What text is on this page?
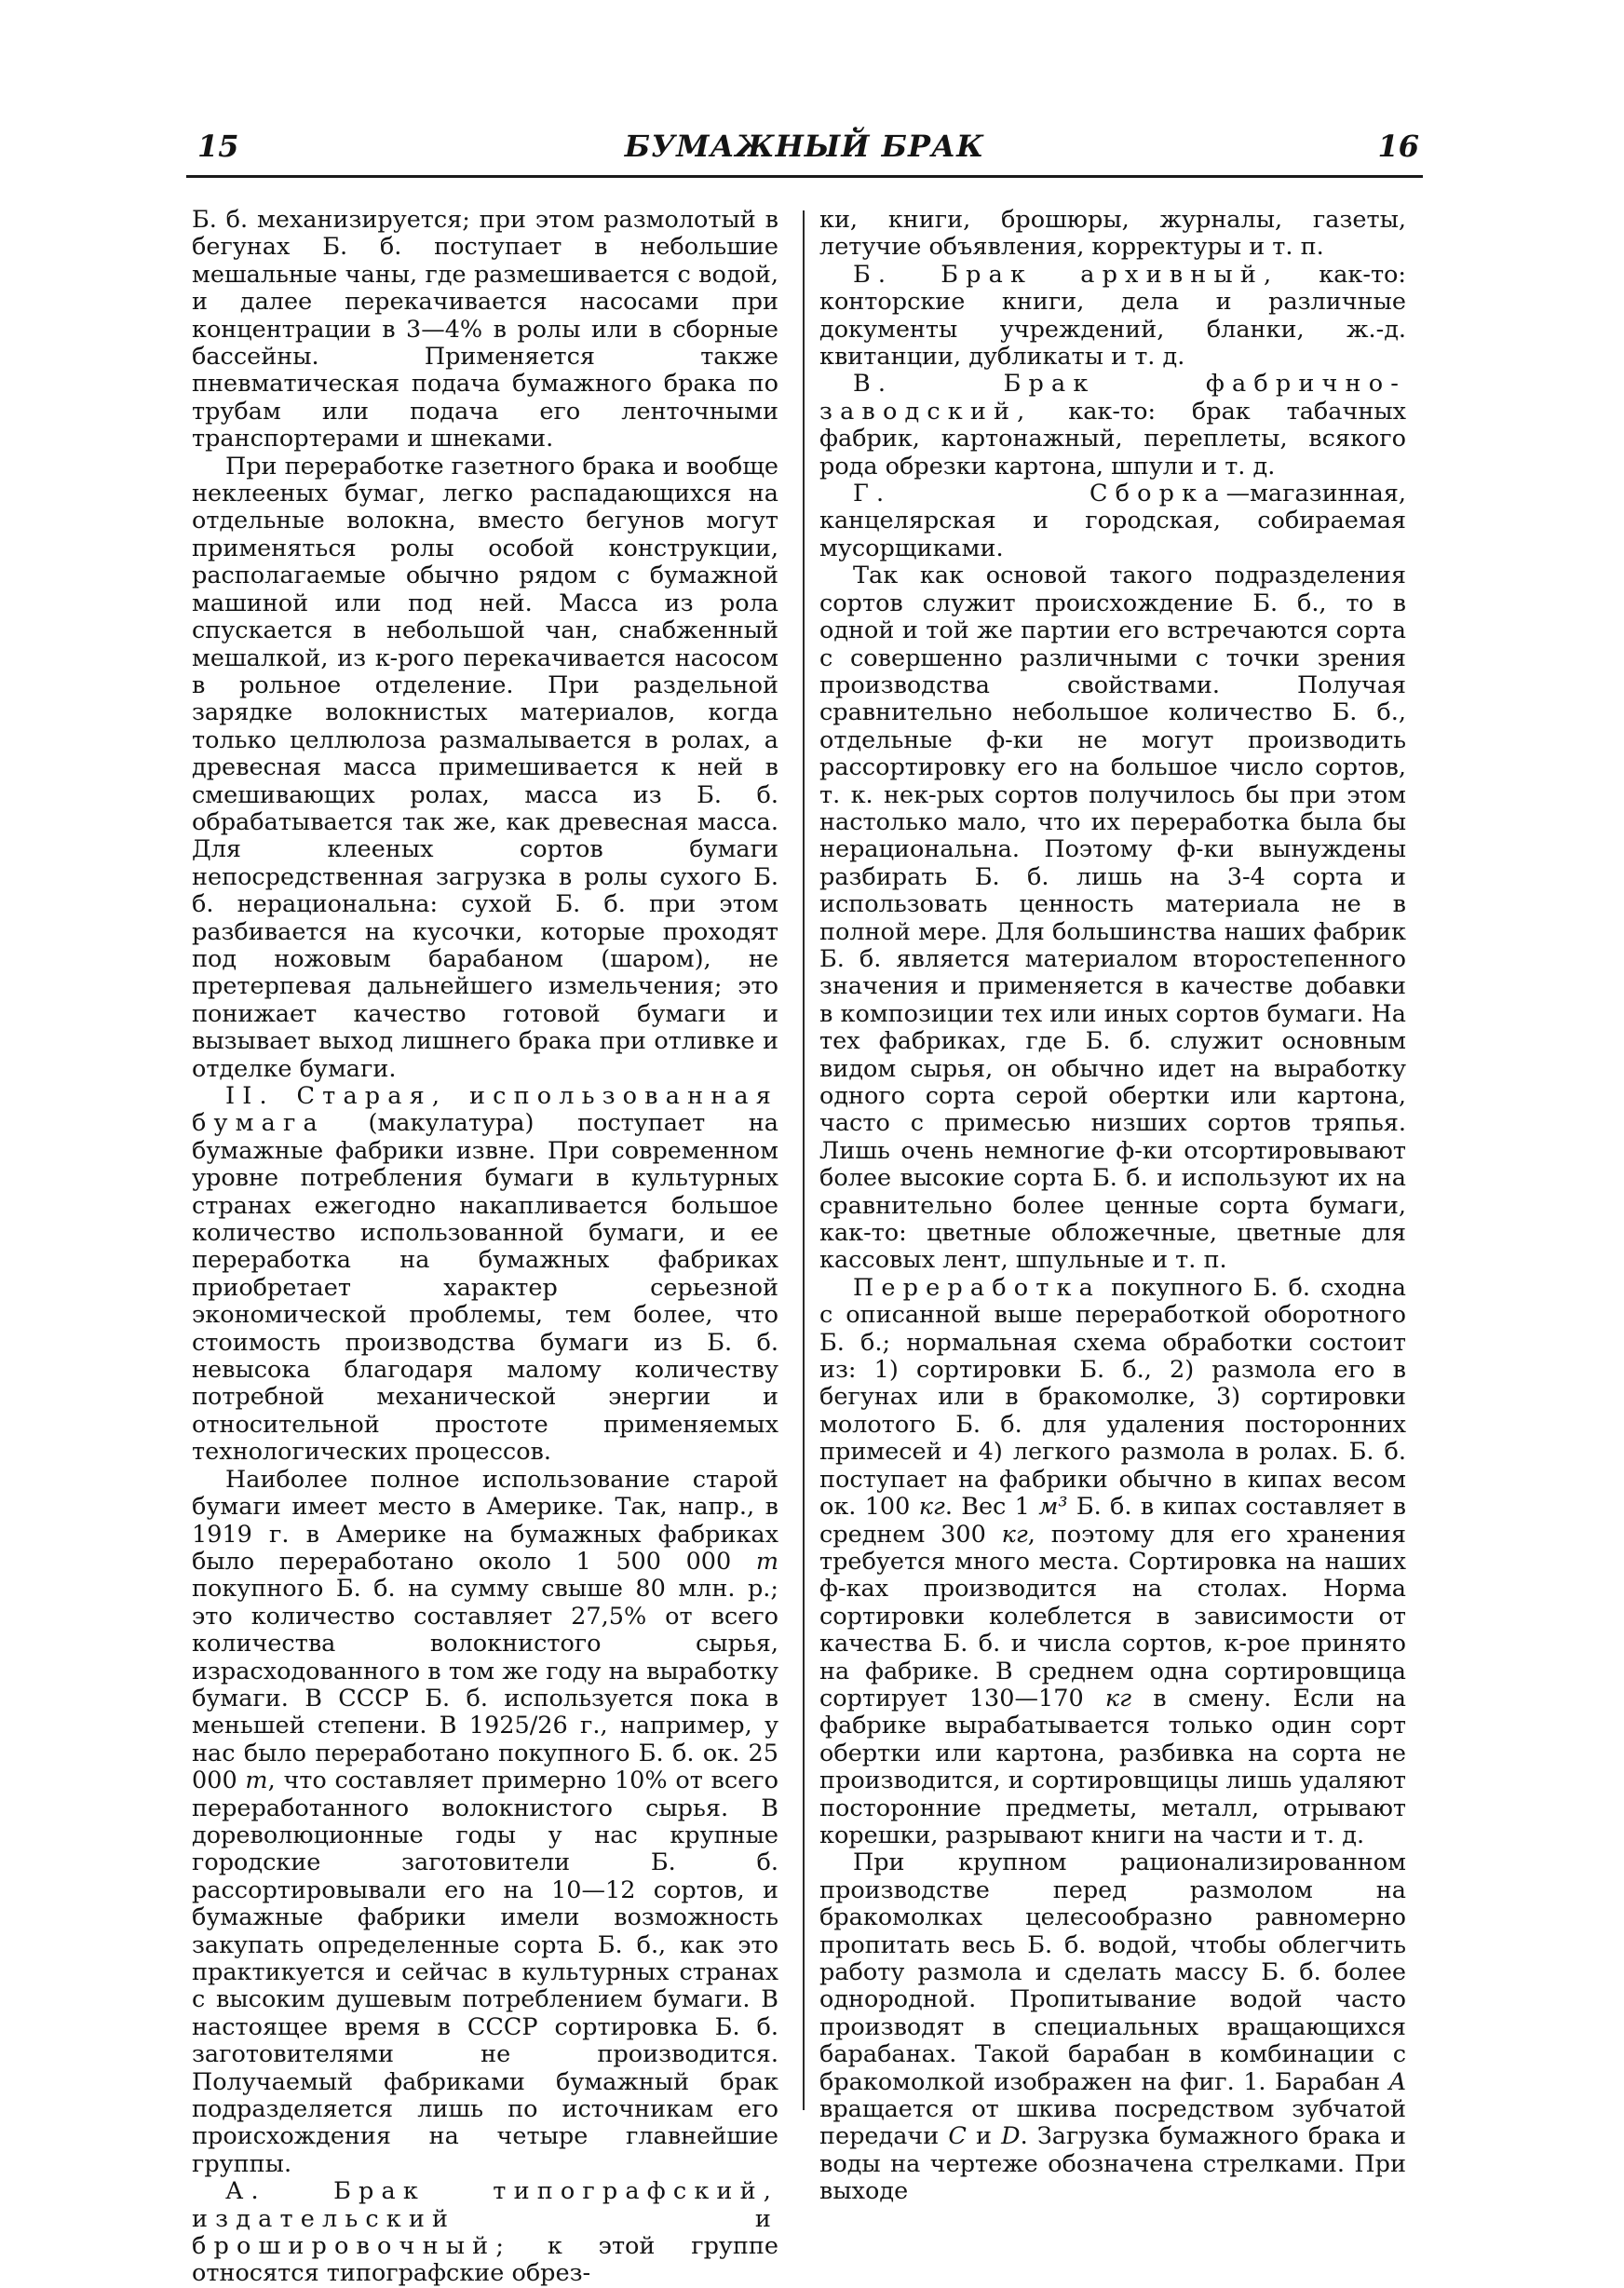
15	БУМАЖНЫЙ БРАК	16

Б. б. механизируется; при этом размолотый в бегунах Б. б. поступает в небольшие мешальные чаны, где размешивается с водой, и далее перекачивается насосами при концентрации в 3—4% в ролы или в сборные бассейны. Применяется также пневматическая подача бумажного брака по трубам или подача его ленточными транспортерами и шнеками.

При переработке газетного брака и вообще неклееных бумаг, легко распадающихся на отдельные волокна, вместо бегунов могут применяться ролы особой конструкции, располагаемые обычно рядом с бумажной машиной или под ней. Масса из рола спускается в небольшой чан, снабженный мешалкой, из к-рого перекачивается насосом в рольное отделение. При раздельной зарядке волокнистых материалов, когда только целлюлоза размалывается в ролах, а древесная масса примешивается к ней в смешивающих ролах, масса из Б. б. обрабатывается так же, как древесная масса. Для клееных сортов бумаги непосредственная загрузка в ролы сухого Б. б. нерациональна: сухой Б. б. при этом разбивается на кусочки, которые проходят под ножовым барабаном (шаром), не претерпевая дальнейшего измельчения; это понижает качество готовой бумаги и вызывает выход лишнего брака при отливке и отделке бумаги.

II. Старая, использованная бумага (макулатура) поступает на бумажные фабрики извне. При современном уровне потребления бумаги в культурных странах ежегодно накапливается большое количество использованной бумаги, и ее переработка на бумажных фабриках приобретает характер серьезной экономической проблемы, тем более, что стоимость производства бумаги из Б. б. невысока благодаря малому количеству потребной механической энергии и относительной простоте применяемых технологических процессов.

Наиболее полное использование старой бумаги имеет место в Америке. Так, напр., в 1919 г. в Америке на бумажных фабриках было переработано около 1 500 000 т покупного Б. б. на сумму свыше 80 млн. р.; это количество составляет 27,5% от всего количества волокнистого сырья, израсходованного в том же году на выработку бумаги. В СССР Б. б. используется пока в меньшей степени. В 1925/26 г., например, у нас было переработано покупного Б. б. ок. 25 000 т, что составляет примерно 10% от всего переработанного волокнистого сырья. В дореволюционные годы у нас крупные городские заготовители Б. б. рассортировывали его на 10—12 сортов, и бумажные фабрики имели возможность закупать определенные сорта Б. б., как это практикуется и сейчас в культурных странах с высоким душевым потреблением бумаги. В настоящее время в СССР сортировка Б. б. заготовителями не производится. Получаемый фабриками бумажный брак подразделяется лишь по источникам его происхождения на четыре главнейшие группы.

А. Брак типографский, издательский и брошировочный; к этой группе относятся типографские обрез-

ки, книги, брошюры, журналы, газеты, летучие объявления, корректуры и т. п.

Б. Брак архивный, как-то: конторские книги, дела и различные документы учреждений, бланки, ж.-д. квитанции, дубликаты и т. д.

В. Брак фабрично-заводский, как-то: брак табачных фабрик, картонажный, переплеты, всякого рода обрезки картона, шпули и т. д.

Г. Сборка—магазинная, канцелярская и городская, собираемая мусорщиками.

Так как основой такого подразделения сортов служит происхождение Б. б., то в одной и той же партии его встречаются сорта с совершенно различными с точки зрения производства свойствами. Получая сравнительно небольшое количество Б. б., отдельные ф-ки не могут производить рассортировку его на большое число сортов, т. к. нек-рых сортов получилось бы при этом настолько мало, что их переработка была бы нерациональна. Поэтому ф-ки вынуждены разбирать Б. б. лишь на 3-4 сорта и использовать ценность материала не в полной мере. Для большинства наших фабрик Б. б. является материалом второстепенного значения и применяется в качестве добавки в композиции тех или иных сортов бумаги. На тех фабриках, где Б. б. служит основным видом сырья, он обычно идет на выработку одного сорта серой обертки или картона, часто с примесью низших сортов тряпья. Лишь очень немногие ф-ки отсортировывают более высокие сорта Б. б. и используют их на сравнительно более ценные сорта бумаги, как-то: цветные обложечные, цветные для кассовых лент, шпульные и т. п.

Переработка покупного Б. б. сходна с описанной выше переработкой оборотного Б. б.; нормальная схема обработки состоит из: 1) сортировки Б. б., 2) размола его в бегунах или в бракомолке, 3) сортировки молотого Б. б. для удаления посторонних примесей и 4) легкого размола в ролах. Б. б. поступает на фабрики обычно в кипах весом ок. 100 кг. Вес 1 м³ Б. б. в кипах составляет в среднем 300 кг, поэтому для его хранения требуется много места. Сортировка на наших ф-ках производится на столах. Норма сортировки колеблется в зависимости от качества Б. б. и числа сортов, к-рое принято на фабрике. В среднем одна сортировщица сортирует 130—170 кг в смену. Если на фабрике вырабатывается только один сорт обертки или картона, разбивка на сорта не производится, и сортировщицы лишь удаляют посторонние предметы, металл, отрывают корешки, разрывают книги на части и т. д.

При крупном рационализированном производстве перед размолом на бракомолках целесообразно равномерно пропитать весь Б. б. водой, чтобы облегчить работу размола и сделать массу Б. б. более однородной. Пропитывание водой часто производят в специальных вращающихся барабанах. Такой барабан в комбинации с бракомолкой изображен на фиг. 1. Барабан A вращается от шкива посредством зубчатой передачи C и D. Загрузка бумажного брака и воды на чертеже обозначена стрелками. При выходе
